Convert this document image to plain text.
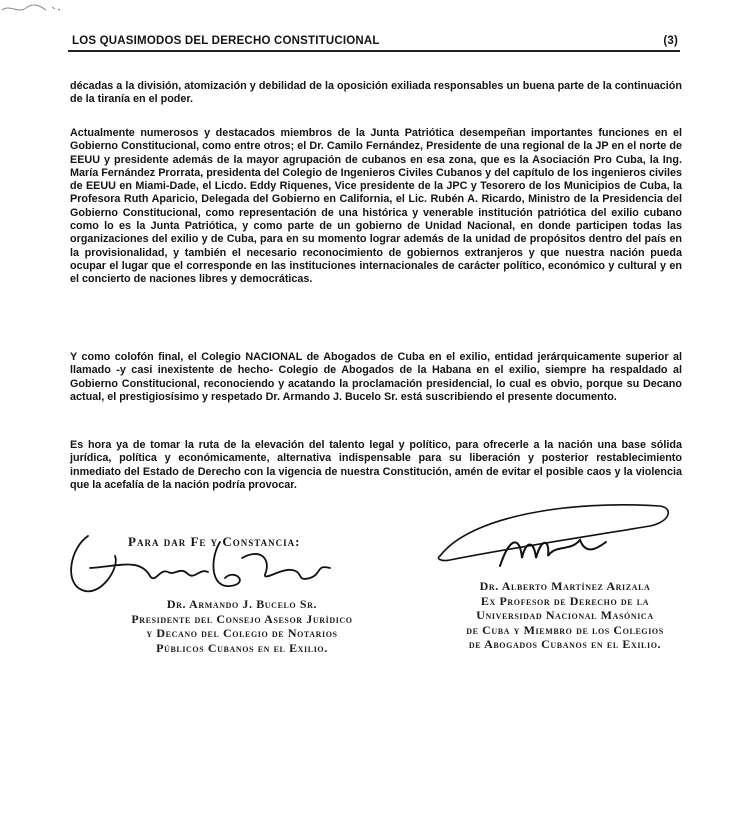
LOS QUASIMODOS DEL DERECHO CONSTITUCIONAL	(3)

décadas a la división, atomización y debilidad de la oposición exiliada responsables un buena parte de la continuación de la tiranía en el poder.

Actualmente numerosos y destacados miembros de la Junta Patriótica desempeñan importantes funciones en el Gobierno Constitucional, como entre otros; el Dr. Camilo Fernández, Presidente de una regional de la JP en el norte de EEUU y presidente además de la mayor agrupación de cubanos en esa zona, que es la Asociación Pro Cuba, la Ing. María Fernández Prorrata, presidenta del Colegio de Ingenieros Civiles Cubanos y del capítulo de los ingenieros civiles de EEUU en Miami-Dade, el Licdo. Eddy Riquenes, Vice presidente de la JPC y Tesorero de los Municipios de Cuba, la Profesora Ruth Aparicio, Delegada del Gobierno en California, el Lic. Rubén A. Ricardo, Ministro de la Presidencia del Gobierno Constitucional, como representación de una histórica y venerable institución patriótica del exilio cubano como lo es la Junta Patriótica, y como parte de un gobierno de Unidad Nacional, en donde participen todas las organizaciones del exilio y de Cuba, para en su momento lograr además de la unidad de propósitos dentro del país en la provisionalidad, y también el necesario reconocimiento de gobiernos extranjeros y que nuestra nación pueda ocupar el lugar que el corresponde en las instituciones internacionales de carácter político, económico y cultural y en el concierto de naciones libres y democráticas.

Y como colofón final, el Colegio NACIONAL de Abogados de Cuba en el exilio, entidad jerárquicamente superior al llamado -y casi inexistente de hecho- Colegio de Abogados de la Habana en el exilio, siempre ha respaldado al Gobierno Constitucional, reconociendo y acatando la proclamación presidencial, lo cual es obvio, porque su Decano actual, el prestigiosísimo y respetado Dr. Armando J. Bucelo Sr. está suscribiendo el presente documento.

Es hora ya de tomar la ruta de la elevación del talento legal y político, para ofrecerle a la nación una base sólida jurídica, política y económicamente, alternativa indispensable para su liberación y posterior restablecimiento inmediato del Estado de Derecho con la vigencia de nuestra Constitución, amén de evitar el posible caos y la violencia que la acefalía de la nación podría provocar.

Para dar Fe y Constancia:
Dr. Armando J. Bucelo Sr.
Presidente del Consejo Asesor Jurídico
y Decano del Colegio de Notarios
Públicos Cubanos en el Exilio.
Dr. Alberto Martínez Arizala
Ex Profesor de Derecho de la
Universidad Nacional Masónica
de Cuba y Miembro de los Colegios
de Abogados Cubanos en el Exilio.
